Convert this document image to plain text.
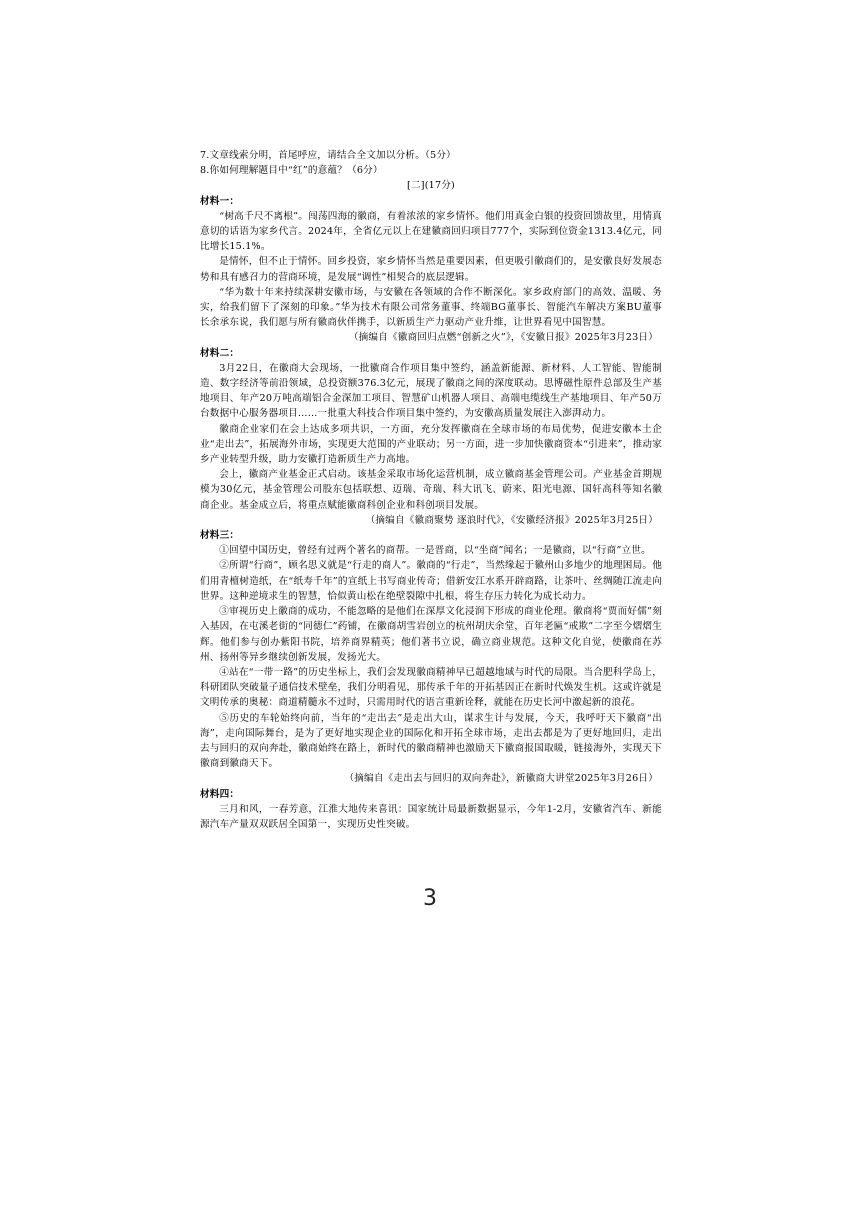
7.文章线索分明，首尾呼应，请结合全文加以分析。（5分）

8.你如何理解题目中“红”的意蕴？（6分）

[二](17分)

材料一：

“树高千尺不离根”。闯荡四海的徽商，有着浓浓的家乡情怀。他们用真金白银的投资回馈故里，用情真意切的话语为家乡代言。2024年，全省亿元以上在建徽商回归项目777个，实际到位资金1313.4亿元，同比增长15.1%。

是情怀，但不止于情怀。回乡投资，家乡情怀当然是重要因素，但更吸引徽商们的，是安徽良好发展态势和具有感召力的营商环境，是发展“调性”相契合的底层逻辑。

“华为数十年来持续深耕安徽市场，与安徽在各领域的合作不断深化。家乡政府部门的高效、温暖、务实，给我们留下了深刻的印象。”华为技术有限公司常务董事、终端BG董事长、智能汽车解决方案BU董事长余承东说，我们愿与所有徽商伙伴携手，以新质生产力驱动产业升维，让世界看见中国智慧。

（摘编自《徽商回归点燃“创新之火”》，《安徽日报》2025年3月23日）

材料二：

3月22日，在徽商大会现场，一批徽商合作项目集中签约，涵盖新能源、新材料、人工智能、智能制造、数字经济等前沿领域，总投资额376.3亿元，展现了徽商之间的深度联动。思博磁性原件总部及生产基地项目、年产20万吨高端铝合金深加工项目、智慧矿山机器人项目、高端电缆线生产基地项目、年产50万台数据中心服务器项目……一批重大科技合作项目集中签约，为安徽高质量发展注入澎湃动力。

徽商企业家们在会上达成多项共识，一方面，充分发挥徽商在全球市场的布局优势，促进安徽本土企业“走出去”，拓展海外市场，实现更大范围的产业联动；另一方面，进一步加快徽商资本“引进来”，推动家乡产业转型升级，助力安徽打造新质生产力高地。

会上，徽商产业基金正式启动。该基金采取市场化运营机制，成立徽商基金管理公司。产业基金首期规模为30亿元，基金管理公司股东包括联想、迈瑞、奇瑞、科大讯飞、蔚来、阳光电源、国轩高科等知名徽商企业。基金成立后，将重点赋能徽商科创企业和科创项目发展。

（摘编自《徽商聚势 逐浪时代》，《安徽经济报》2025年3月25日）

材料三：

①回望中国历史，曾经有过两个著名的商帮。一是晋商，以“坐商”闻名；一是徽商，以“行商”立世。

②所谓“行商”，顾名思义就是“行走的商人”。徽商的“行走”，当然缘起于徽州山多地少的地理困局。他们用青檀树造纸，在“纸寿千年”的宣纸上书写商业传奇；借新安江水系开辟商路，让茶叶、丝绸随江流走向世界。这种逆境求生的智慧，恰似黄山松在绝壁裂隙中扎根，将生存压力转化为成长动力。

③审视历史上徽商的成功，不能忽略的是他们在深厚文化浸润下形成的商业伦理。徽商将“贾而好儒”刻入基因，在屯溪老街的“同德仁”药铺，在徽商胡雪岩创立的杭州胡庆余堂，百年老匾“戒欺”二字至今熠熠生辉。他们参与创办紫阳书院，培养商界精英；他们著书立说，确立商业规范。这种文化自觉，使徽商在苏州、扬州等异乡继续创新发展，发扬光大。

④站在“一带一路”的历史坐标上，我们会发现徽商精神早已超越地域与时代的局限。当合肥科学岛上，科研团队突破量子通信技术壁垒，我们分明看见，那传承千年的开拓基因正在新时代焕发生机。这或许就是文明传承的奥秘：商道精髓永不过时，只需用时代的语言重新诠释，就能在历史长河中激起新的浪花。

⑤历史的车轮始终向前，当年的“走出去”是走出大山，谋求生计与发展，今天，我呼吁天下徽商“出海”，走向国际舞台，是为了更好地实现企业的国际化和开拓全球市场，走出去都是为了更好地回归，走出去与回归的双向奔赴，徽商始终在路上，新时代的徽商精神也激励天下徽商报国取暖，链接海外，实现天下徽商到徽商天下。

（摘编自《走出去与回归的双向奔赴》，新徽商大讲堂2025年3月26日）

材料四：

三月和风，一春芳意，江淮大地传来喜讯：国家统计局最新数据显示，今年1-2月，安徽省汽车、新能源汽车产量双双跃居全国第一，实现历史性突破。

3
